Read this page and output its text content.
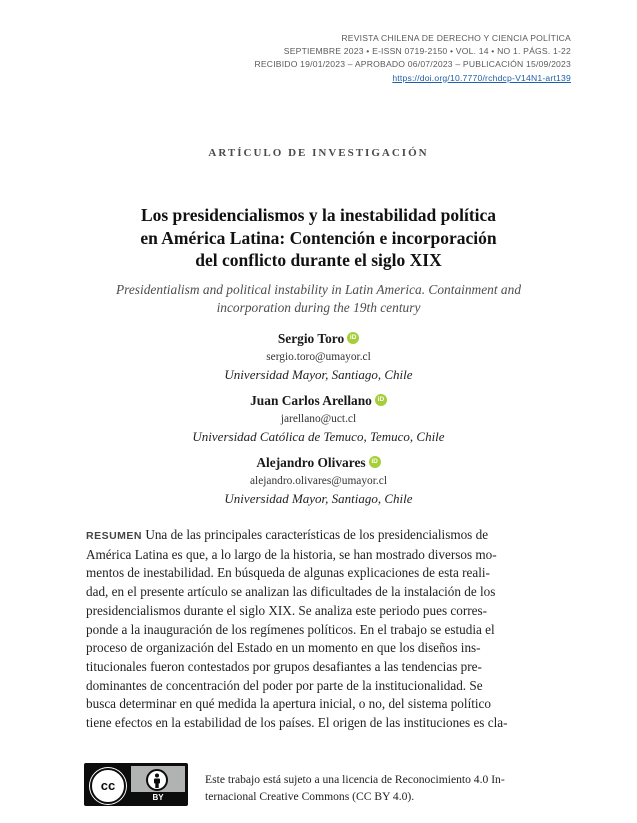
REVISTA CHILENA DE DERECHO Y CIENCIA POLÍTICA
SEPTIEMBRE 2023 • E-ISSN 0719-2150 • VOL. 14 • NO 1. PÁGS. 1-22
RECIBIDO 19/01/2023 – APROBADO 06/07/2023 – PUBLICACIÓN 15/09/2023
https://doi.org/10.7770/rchdcp-V14N1-art139
ARTÍCULO DE INVESTIGACIÓN
Los presidencialismos y la inestabilidad política
en América Latina: Contención e incorporación
del conflicto durante el siglo XIX
Presidentialism and political instability in Latin America. Containment and
incorporation during the 19th century
Sergio Toro iD
sergio.toro@umayor.cl
Universidad Mayor, Santiago, Chile
Juan Carlos Arellano iD
jarellano@uct.cl
Universidad Católica de Temuco, Temuco, Chile
Alejandro Olivares iD
alejandro.olivares@umayor.cl
Universidad Mayor, Santiago, Chile
RESUMEN Una de las principales características de los presidencialismos de
América Latina es que, a lo largo de la historia, se han mostrado diversos mo-
mentos de inestabilidad. En búsqueda de algunas explicaciones de esta reali-
dad, en el presente artículo se analizan las dificultades de la instalación de los
presidencialismos durante el siglo XIX. Se analiza este periodo pues corres-
ponde a la inauguración de los regímenes políticos. En el trabajo se estudia el
proceso de organización del Estado en un momento en que los diseños ins-
titucionales fueron contestados por grupos desafiantes a las tendencias pre-
dominantes de concentración del poder por parte de la institucionalidad. Se
busca determinar en qué medida la apertura inicial, o no, del sistema político
tiene efectos en la estabilidad de los países. El origen de las instituciones es cla-
cc
BY
Este trabajo está sujeto a una licencia de Reconocimiento 4.0 In-
ternacional Creative Commons (CC BY 4.0).
